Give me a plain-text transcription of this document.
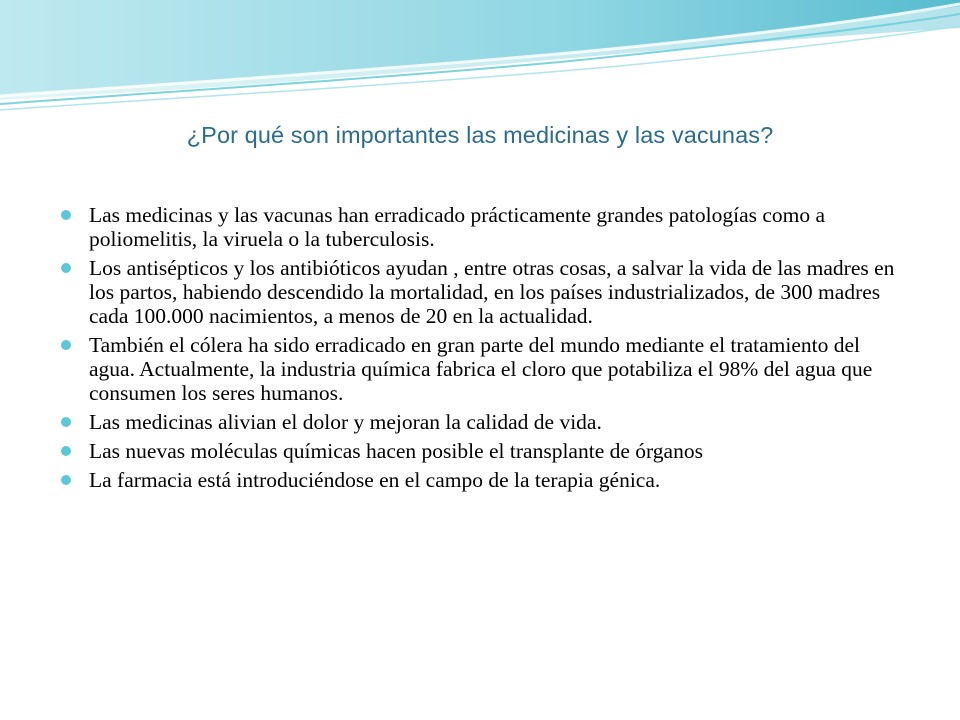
¿Por qué son importantes las medicinas y las vacunas?
Las medicinas y las vacunas han erradicado prácticamente grandes patologías como a poliomelitis, la viruela o la tuberculosis.
Los antisépticos y los antibióticos ayudan , entre otras cosas, a salvar la vida de las madres en los partos, habiendo descendido la mortalidad, en los países industrializados, de 300 madres cada 100.000 nacimientos, a menos de 20 en la actualidad.
También el cólera ha sido erradicado en gran parte del mundo mediante el tratamiento del agua. Actualmente, la industria química fabrica el cloro que potabiliza el 98% del agua que consumen los seres humanos.
Las medicinas alivian el dolor y mejoran la calidad de vida.
Las nuevas moléculas químicas hacen posible el transplante de órganos
La farmacia está introduciéndose en el campo de la terapia génica.
